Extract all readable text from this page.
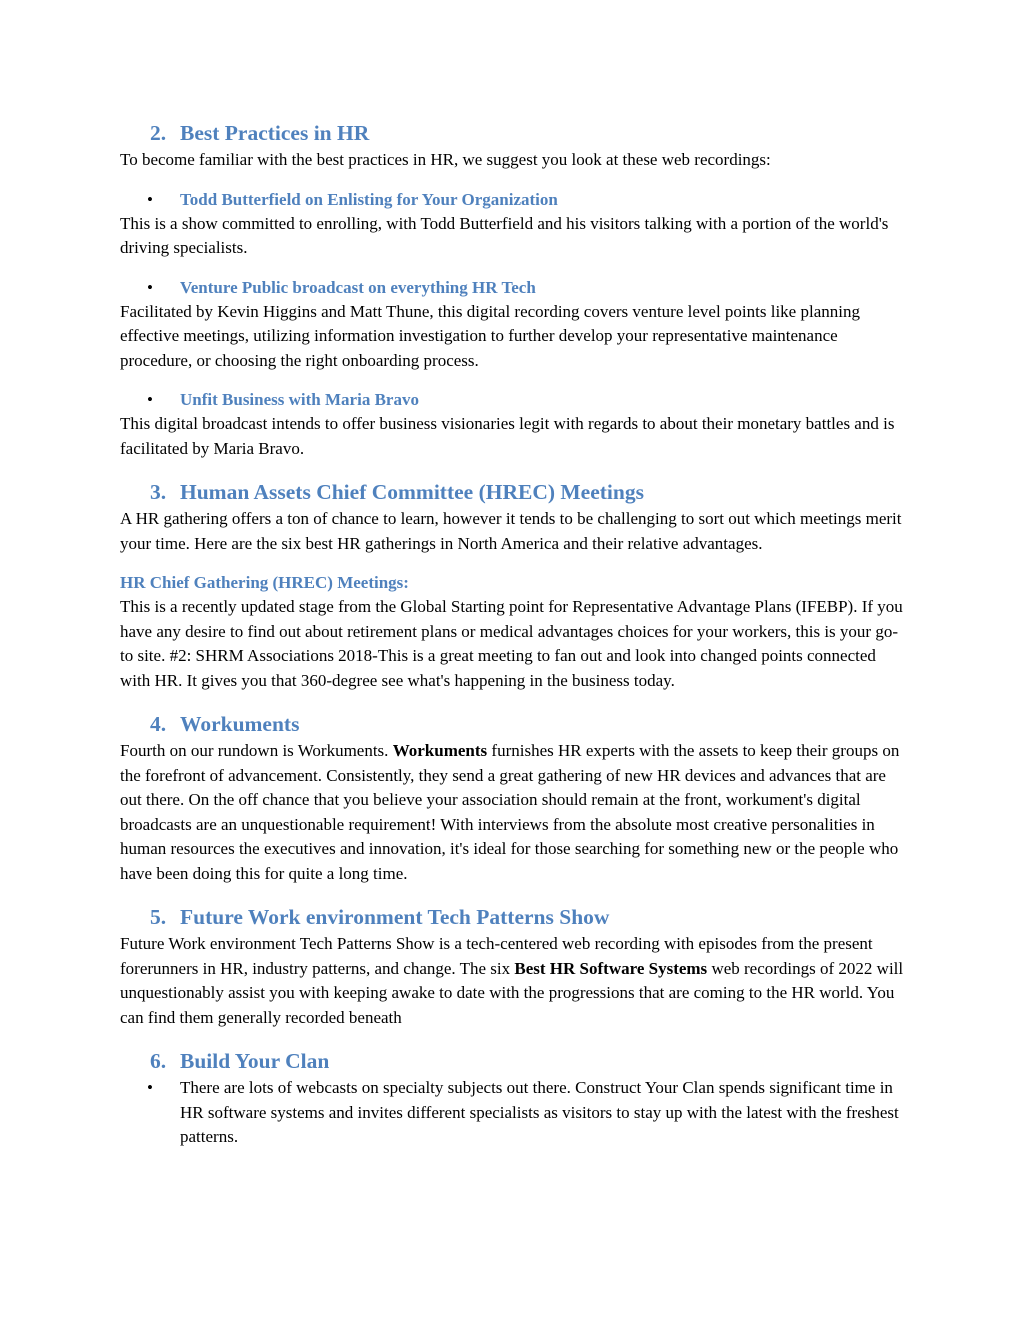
2. Best Practices in HR

To become familiar with the best practices in HR, we suggest you look at these web recordings:

•	Todd Butterfield on Enlisting for Your Organization

This is a show committed to enrolling, with Todd Butterfield and his visitors talking with a portion of the world's driving specialists.

•	Venture Public broadcast on everything HR Tech

Facilitated by Kevin Higgins and Matt Thune, this digital recording covers venture level points like planning effective meetings, utilizing information investigation to further develop your representative maintenance procedure, or choosing the right onboarding process.

•	Unfit Business with Maria Bravo

This digital broadcast intends to offer business visionaries legit with regards to about their monetary battles and is facilitated by Maria Bravo.

3. Human Assets Chief Committee (HREC) Meetings

A HR gathering offers a ton of chance to learn, however it tends to be challenging to sort out which meetings merit your time. Here are the six best HR gatherings in North America and their relative advantages.

HR Chief Gathering (HREC) Meetings:

This is a recently updated stage from the Global Starting point for Representative Advantage Plans (IFEBP). If you have any desire to find out about retirement plans or medical advantages choices for your workers, this is your go-to site. #2: SHRM Associations 2018-This is a great meeting to fan out and look into changed points connected with HR. It gives you that 360-degree see what's happening in the business today.

4. Workuments

Fourth on our rundown is Workuments. Workuments furnishes HR experts with the assets to keep their groups on the forefront of advancement. Consistently, they send a great gathering of new HR devices and advances that are out there. On the off chance that you believe your association should remain at the front, workument's digital broadcasts are an unquestionable requirement! With interviews from the absolute most creative personalities in human resources the executives and innovation, it's ideal for those searching for something new or the people who have been doing this for quite a long time.

5. Future Work environment Tech Patterns Show

Future Work environment Tech Patterns Show is a tech-centered web recording with episodes from the present forerunners in HR, industry patterns, and change. The six Best HR Software Systems web recordings of 2022 will unquestionably assist you with keeping awake to date with the progressions that are coming to the HR world. You can find them generally recorded beneath

6. Build Your Clan
•	There are lots of webcasts on specialty subjects out there. Construct Your Clan spends significant time in HR software systems and invites different specialists as visitors to stay up with the latest with the freshest patterns.
